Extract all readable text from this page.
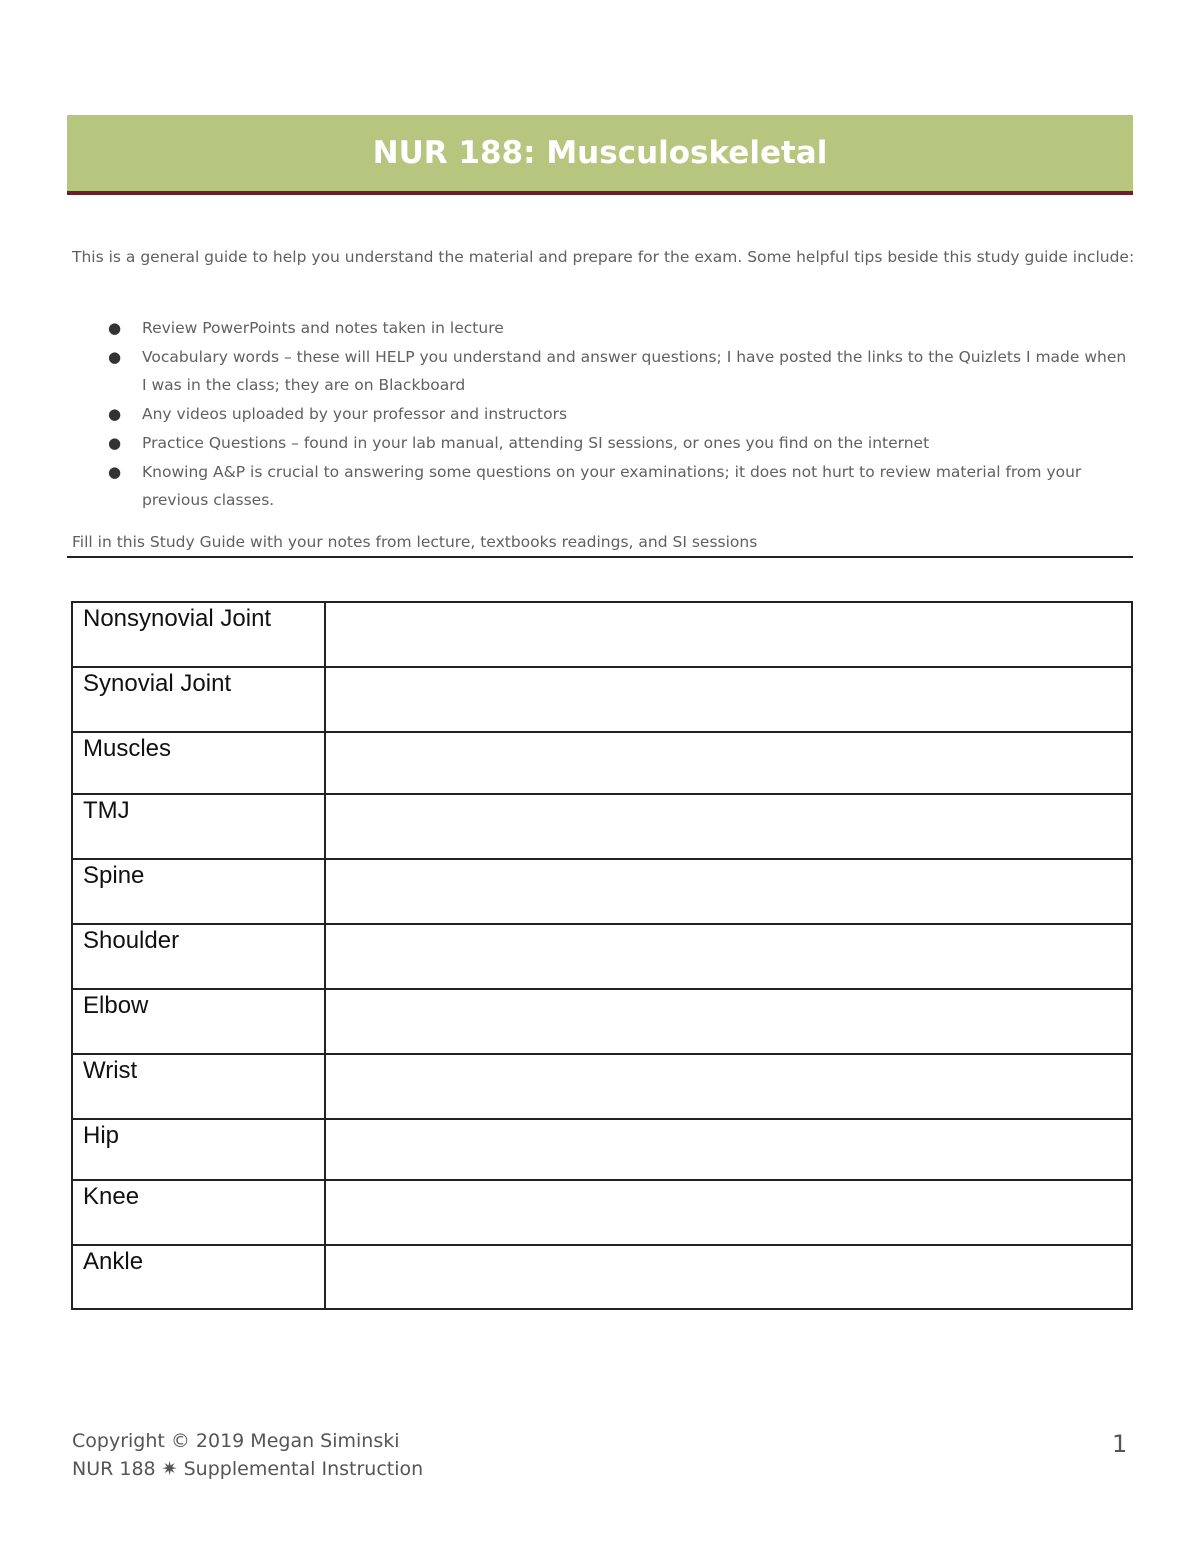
NUR 188: Musculoskeletal
This is a general guide to help you understand the material and prepare for the exam. Some helpful tips beside this study guide include:
● Review PowerPoints and notes taken in lecture
● Vocabulary words – these will HELP you understand and answer questions; I have posted the links to the Quizlets I made when I was in the class; they are on Blackboard
● Any videos uploaded by your professor and instructors
● Practice Questions – found in your lab manual, attending SI sessions, or ones you find on the internet
● Knowing A&P is crucial to answering some questions on your examinations; it does not hurt to review material from your previous classes.
Fill in this Study Guide with your notes from lecture, textbooks readings, and SI sessions
Nonsynovial Joint	
Synovial Joint	
Muscles	
TMJ	
Spine	
Shoulder	
Elbow	
Wrist	
Hip	
Knee	
Ankle	
Copyright © 2019 Megan Siminski
NUR 188 ✷ Supplemental Instruction
1
